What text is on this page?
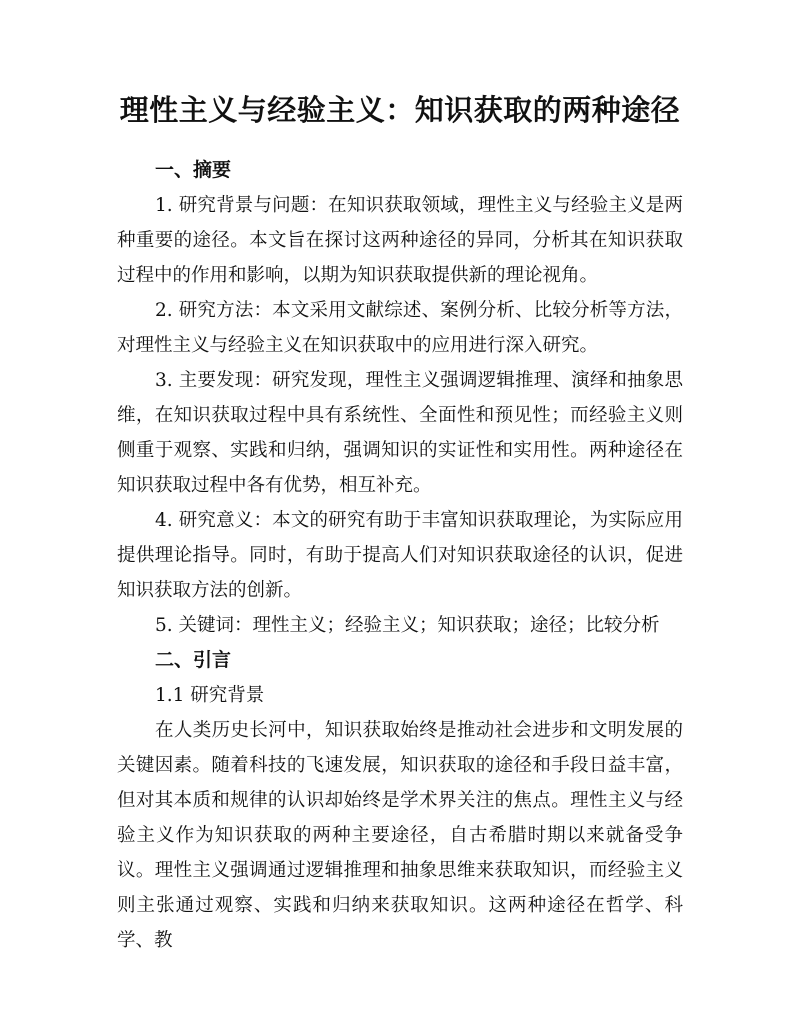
理性主义与经验主义：知识获取的两种途径
一、摘要

1. 研究背景与问题：在知识获取领域，理性主义与经验主义是两种重要的途径。本文旨在探讨这两种途径的异同，分析其在知识获取过程中的作用和影响，以期为知识获取提供新的理论视角。

2. 研究方法：本文采用文献综述、案例分析、比较分析等方法，对理性主义与经验主义在知识获取中的应用进行深入研究。

3. 主要发现：研究发现，理性主义强调逻辑推理、演绎和抽象思维，在知识获取过程中具有系统性、全面性和预见性；而经验主义则侧重于观察、实践和归纳，强调知识的实证性和实用性。两种途径在知识获取过程中各有优势，相互补充。

4. 研究意义：本文的研究有助于丰富知识获取理论，为实际应用提供理论指导。同时，有助于提高人们对知识获取途径的认识，促进知识获取方法的创新。

5. 关键词：理性主义；经验主义；知识获取；途径；比较分析

二、引言

1.1 研究背景

在人类历史长河中，知识获取始终是推动社会进步和文明发展的关键因素。随着科技的飞速发展，知识获取的途径和手段日益丰富，但对其本质和规律的认识却始终是学术界关注的焦点。理性主义与经验主义作为知识获取的两种主要途径，自古希腊时期以来就备受争议。理性主义强调通过逻辑推理和抽象思维来获取知识，而经验主义则主张通过观察、实践和归纳来获取知识。这两种途径在哲学、科学、教
